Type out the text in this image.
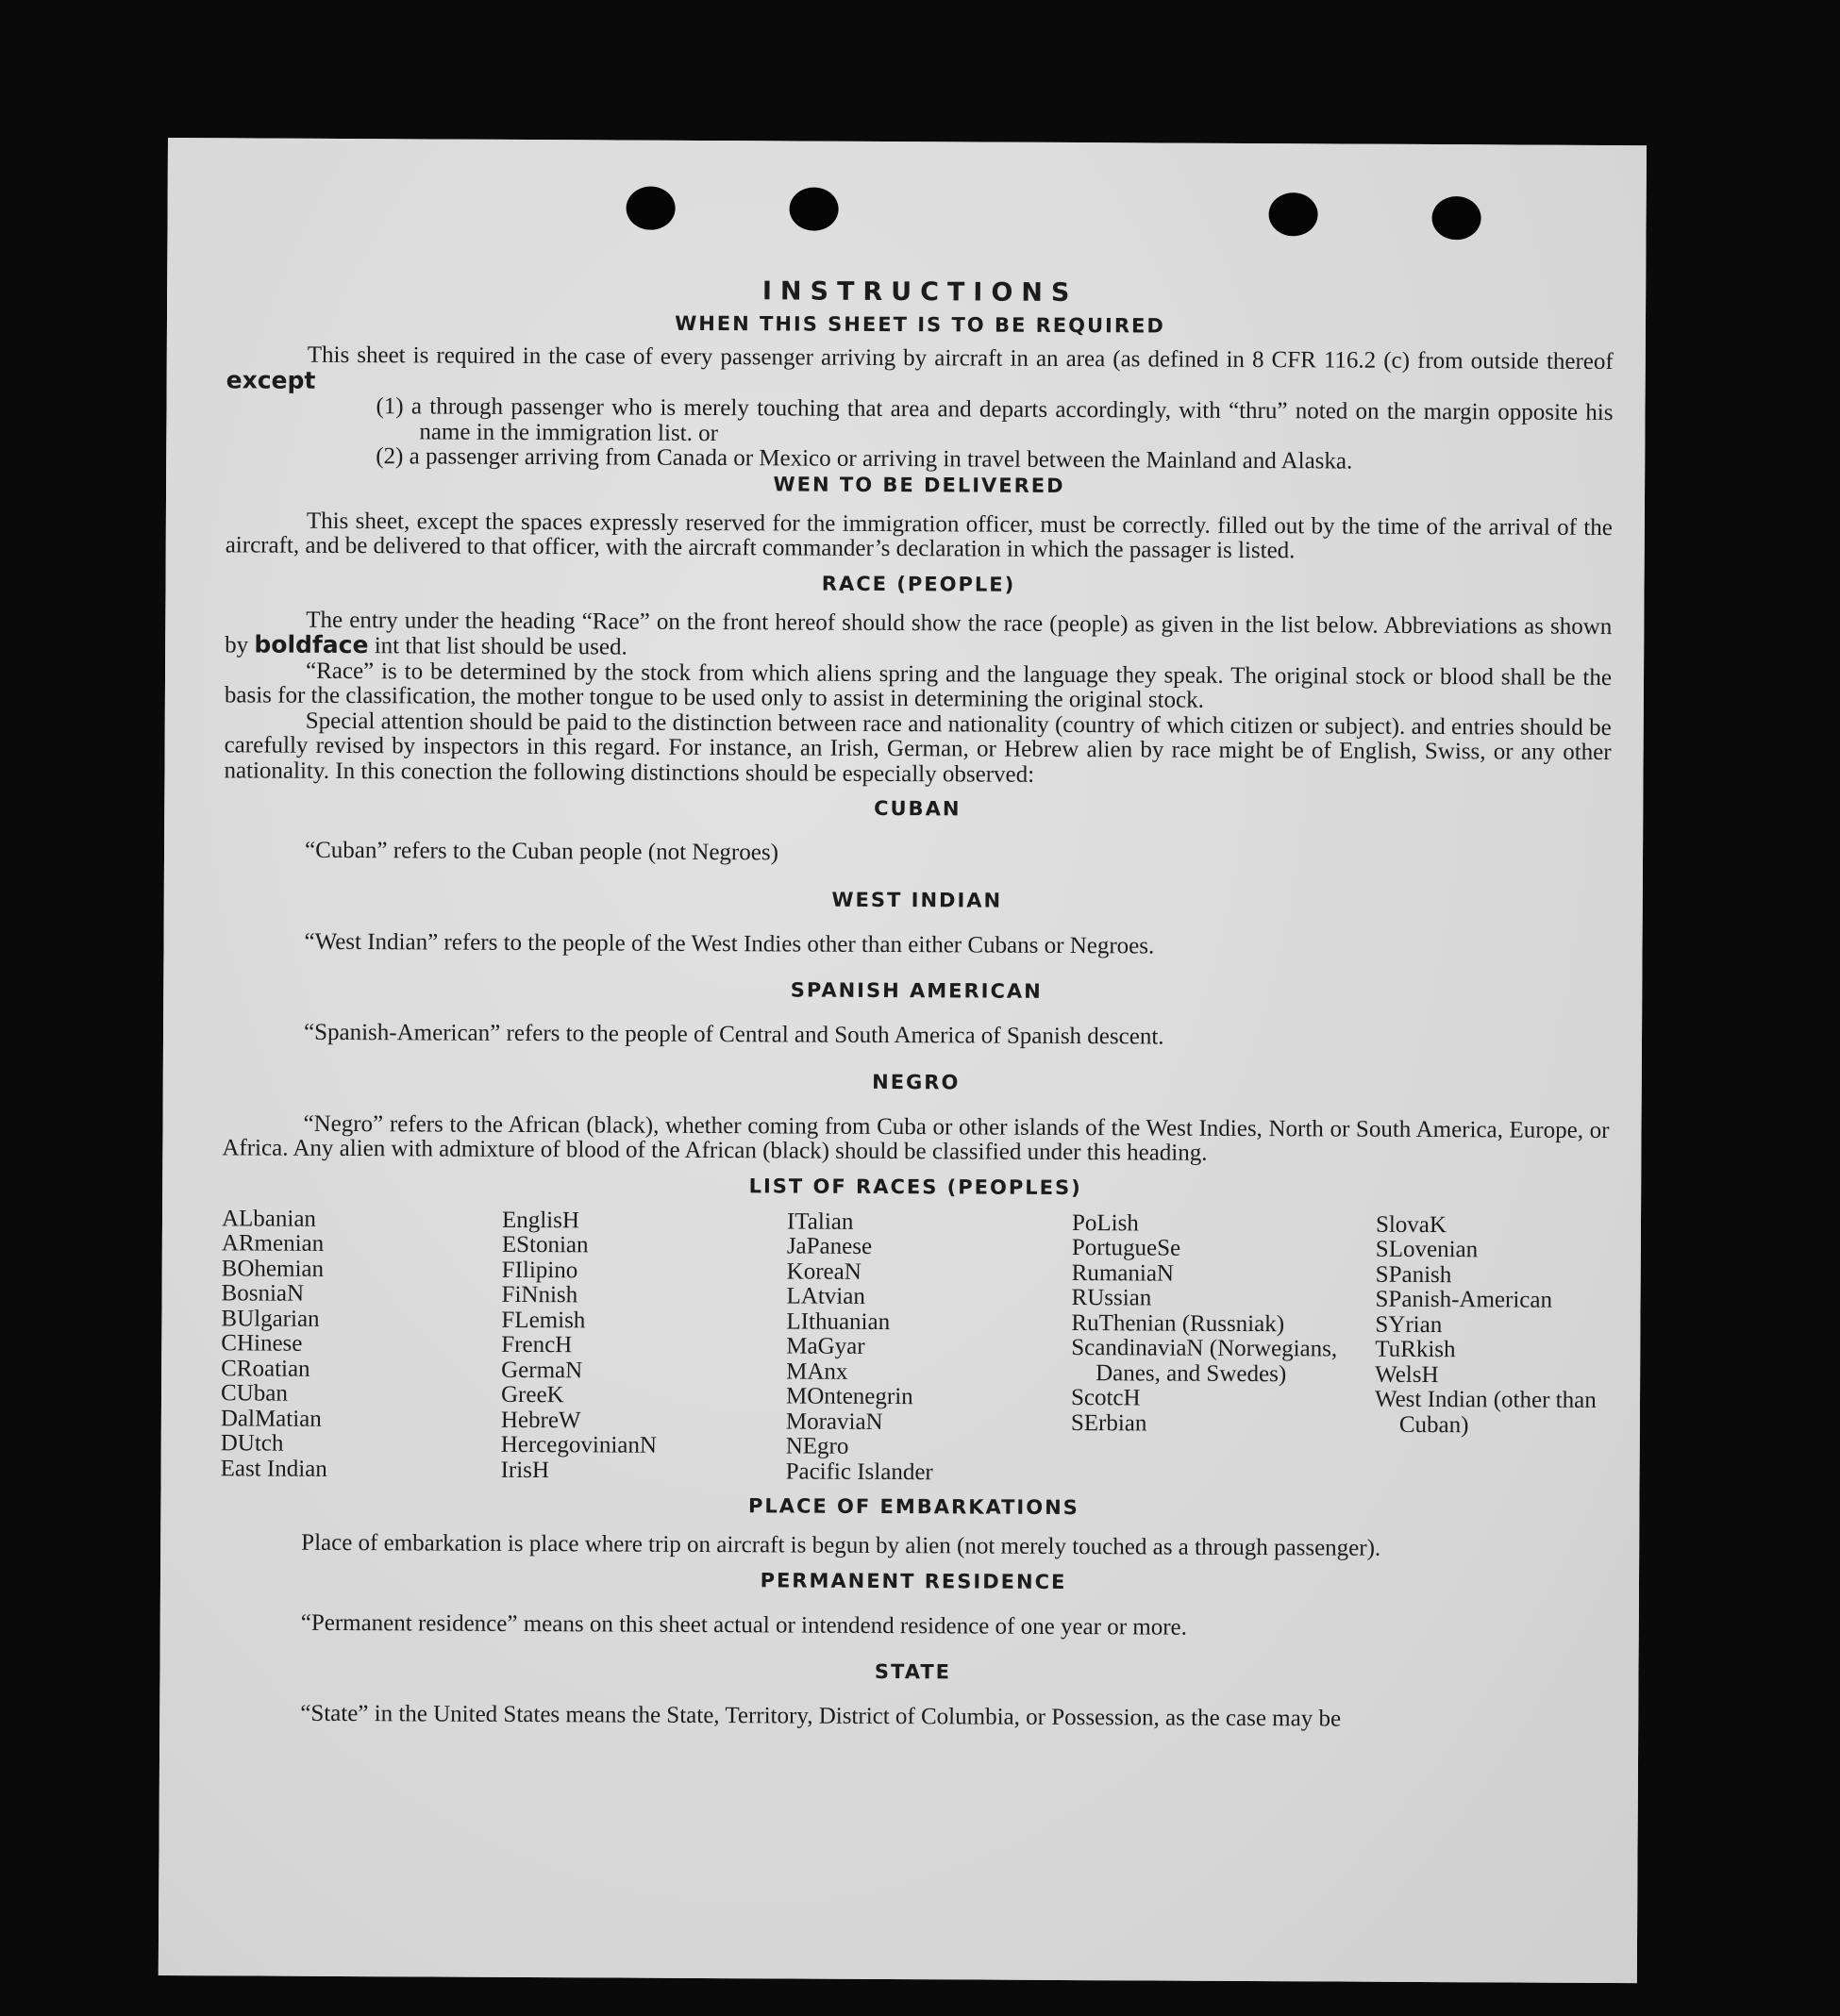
INSTRUCTIONS
WHEN THIS SHEET IS TO BE REQUIRED

This sheet is required in the case of every passenger arriving by aircraft in an area (as defined in 8 CFR 116.2 (c) from outside thereof except

(1) a through passenger who is merely touching that area and departs accordingly, with “thru” noted on the margin opposite his name in the immigration list. or

(2) a passenger arriving from Canada or Mexico or arriving in travel between the Mainland and Alaska.

WEN TO BE DELIVERED

This sheet, except the spaces expressly reserved for the immigration officer, must be correctly. filled out by the time of the arrival of the aircraft, and be delivered to that officer, with the aircraft commander’s declaration in which the passager is listed.

RACE (PEOPLE)

The entry under the heading “Race” on the front hereof should show the race (people) as given in the list below. Abbreviations as shown by boldface int that list should be used.

“Race” is to be determined by the stock from which aliens spring and the language they speak. The original stock or blood shall be the basis for the classification, the mother tongue to be used only to assist in determining the original stock.

Special attention should be paid to the distinction between race and nationality (country of which citizen or subject). and entries should be carefully revised by inspectors in this regard. For instance, an Irish, German, or Hebrew alien by race might be of English, Swiss, or any other nationality. In this conection the following distinctions should be especially observed:

CUBAN

“Cuban” refers to the Cuban people (not Negroes)

WEST INDIAN

“West Indian” refers to the people of the West Indies other than either Cubans or Negroes.

SPANISH AMERICAN

“Spanish-American” refers to the people of Central and South America of Spanish descent.

NEGRO

“Negro” refers to the African (black), whether coming from Cuba or other islands of the West Indies, North or South America, Europe, or Africa. Any alien with admixture of blood of the African (black) should be classified under this heading.

LIST OF RACES (PEOPLES)
ALbanian
ARmenian
BOhemian
BosniaN
BUlgarian
CHinese
CRoatian
CUban
DalMatian
DUtch
East Indian
EnglisH
EStonian
FIlipino
FiNnish
FLemish
FrencH
GermaN
GreeK
HebreW
HercegovinianN
IrisH
ITalian
JaPanese
KoreaN
LAtvian
LIthuanian
MaGyar
MAnx
MOntenegrin
MoraviaN
NEgro
Pacific Islander
PoLish
PortugueSe
RumaniaN
RUssian
RuThenian (Russniak)
ScandinaviaN (Norwegians, Danes, and Swedes)
ScotcH
SErbian
SlovaK
SLovenian
SPanish
SPanish-American
SYrian
TuRkish
WelsH
West Indian (other than Cuban)
PLACE OF EMBARKATIONS

Place of embarkation is place where trip on aircraft is begun by alien (not merely touched as a through passenger).

PERMANENT RESIDENCE

“Permanent residence” means on this sheet actual or intendend residence of one year or more.

STATE

“State” in the United States means the State, Territory, District of Columbia, or Possession, as the case may be
